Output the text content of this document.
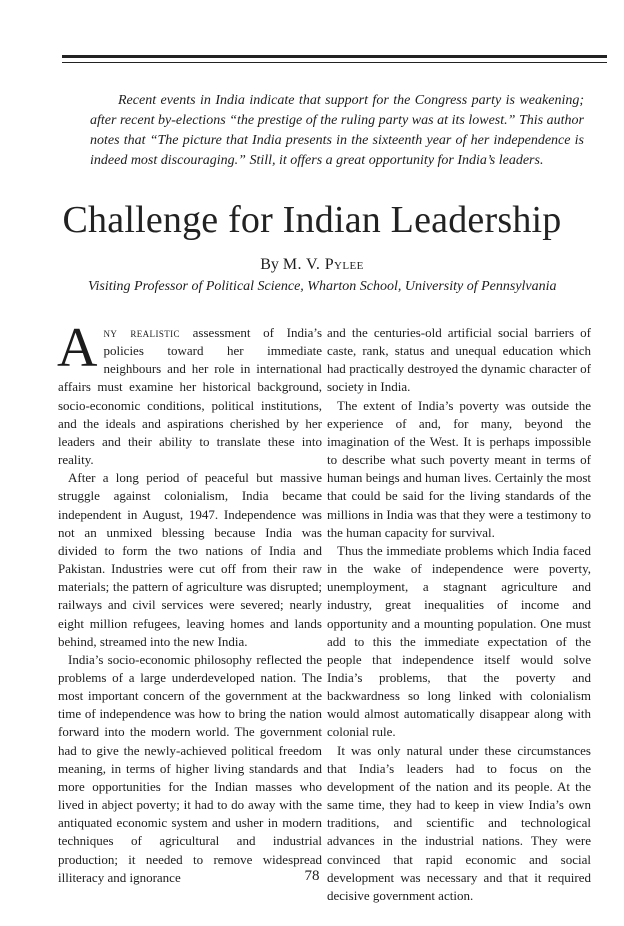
Recent events in India indicate that support for the Congress party is weakening; after recent by-elections “the prestige of the ruling party was at its lowest.” This author notes that “The picture that India presents in the sixteenth year of her independence is indeed most discouraging.” Still, it offers a great opportunity for India’s leaders.

Challenge for Indian Leadership
By M. V. Pylee
Visiting Professor of Political Science, Wharton School, University of Pennsylvania

Any realistic assessment of India’s policies toward her immediate neighbours and her role in international affairs must examine her historical background, socio-economic conditions, political institutions, and the ideals and aspirations cherished by her leaders and their ability to translate these into reality.

After a long period of peaceful but massive struggle against colonialism, India became independent in August, 1947. Independence was not an unmixed blessing because India was divided to form the two nations of India and Pakistan. Industries were cut off from their raw materials; the pattern of agriculture was disrupted; railways and civil services were severed; nearly eight million refugees, leaving homes and lands behind, streamed into the new India.

India’s socio-economic philosophy reflected the problems of a large underdeveloped nation. The most important concern of the government at the time of independence was how to bring the nation forward into the modern world. The government had to give the newly-achieved political freedom meaning, in terms of higher living standards and more opportunities for the Indian masses who lived in abject poverty; it had to do away with the antiquated economic system and usher in modern techniques of agricultural and industrial production; it needed to remove widespread illiteracy and ignorance

and the centuries-old artificial social barriers of caste, rank, status and unequal education which had practically destroyed the dynamic character of society in India.

The extent of India’s poverty was outside the experience of and, for many, beyond the imagination of the West. It is perhaps impossible to describe what such poverty meant in terms of human beings and human lives. Certainly the most that could be said for the living standards of the millions in India was that they were a testimony to the human capacity for survival.

Thus the immediate problems which India faced in the wake of independence were poverty, unemployment, a stagnant agriculture and industry, great inequalities of income and opportunity and a mounting population. One must add to this the immediate expectation of the people that independence itself would solve India’s problems, that the poverty and backwardness so long linked with colonialism would almost automatically disappear along with colonial rule.

It was only natural under these circumstances that India’s leaders had to focus on the development of the nation and its people. At the same time, they had to keep in view India’s own traditions, and scientific and technological advances in the industrial nations. They were convinced that rapid economic and social development was necessary and that it required decisive government action.

78
